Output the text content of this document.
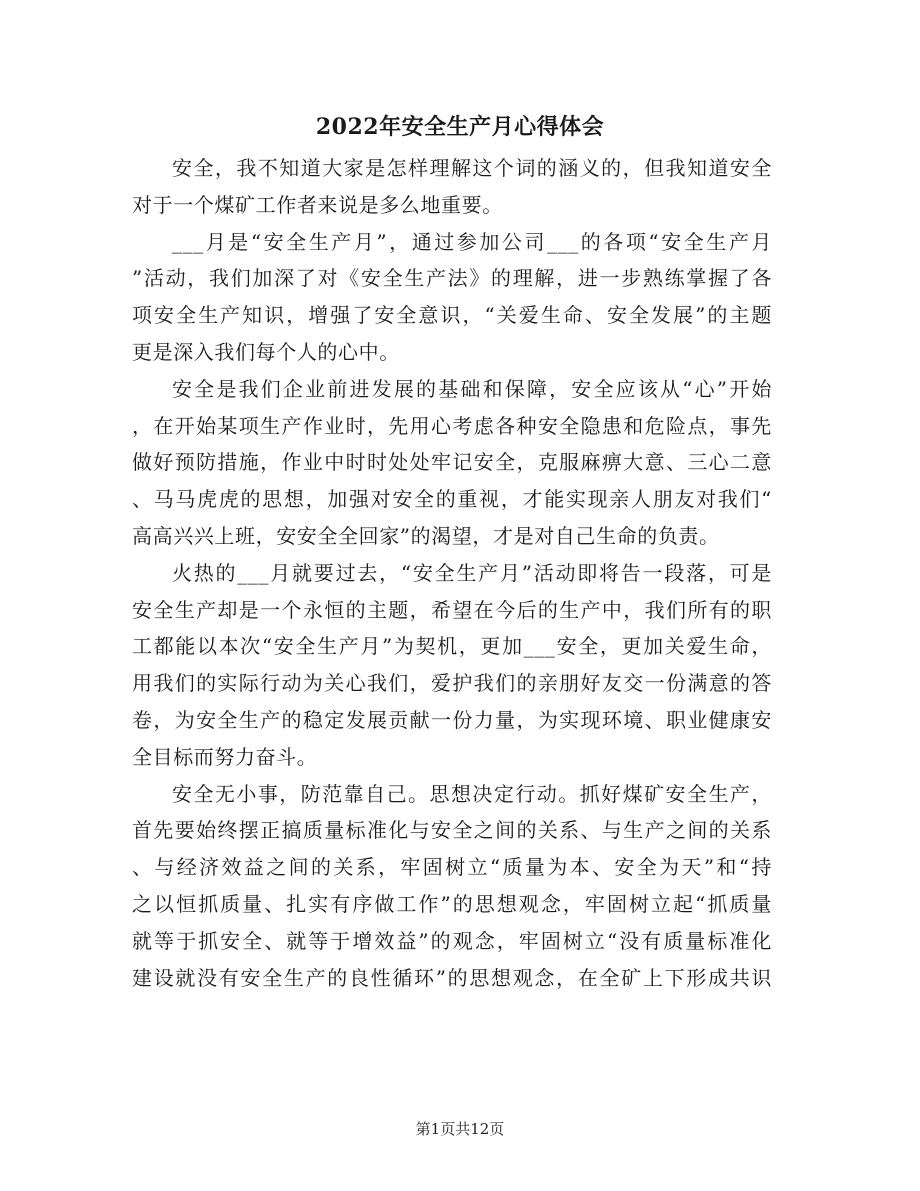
2022年安全生产月心得体会
安全，我不知道大家是怎样理解这个词的涵义的，但我知道安全
对于一个煤矿工作者来说是多么地重要。
___月是“安全生产月”，通过参加公司___的各项“安全生产月
”活动，我们加深了对《安全生产法》的理解，进一步熟练掌握了各
项安全生产知识，增强了安全意识，“关爱生命、安全发展”的主题
更是深入我们每个人的心中。
安全是我们企业前进发展的基础和保障，安全应该从“心”开始
，在开始某项生产作业时，先用心考虑各种安全隐患和危险点，事先
做好预防措施，作业中时时处处牢记安全，克服麻痹大意、三心二意
、马马虎虎的思想，加强对安全的重视，才能实现亲人朋友对我们“
高高兴兴上班，安安全全回家”的渴望，才是对自己生命的负责。
火热的___月就要过去，“安全生产月”活动即将告一段落，可是
安全生产却是一个永恒的主题，希望在今后的生产中，我们所有的职
工都能以本次“安全生产月”为契机，更加___安全，更加关爱生命，
用我们的实际行动为关心我们，爱护我们的亲朋好友交一份满意的答
卷，为安全生产的稳定发展贡献一份力量，为实现环境、职业健康安
全目标而努力奋斗。
安全无小事，防范靠自己。思想决定行动。抓好煤矿安全生产，
首先要始终摆正搞质量标准化与安全之间的关系、与生产之间的关系
、与经济效益之间的关系，牢固树立“质量为本、安全为天”和“持
之以恒抓质量、扎实有序做工作”的思想观念，牢固树立起“抓质量
就等于抓安全、就等于增效益”的观念，牢固树立“没有质量标准化
建设就没有安全生产的良性循环”的思想观念，在全矿上下形成共识
第1页共12页
